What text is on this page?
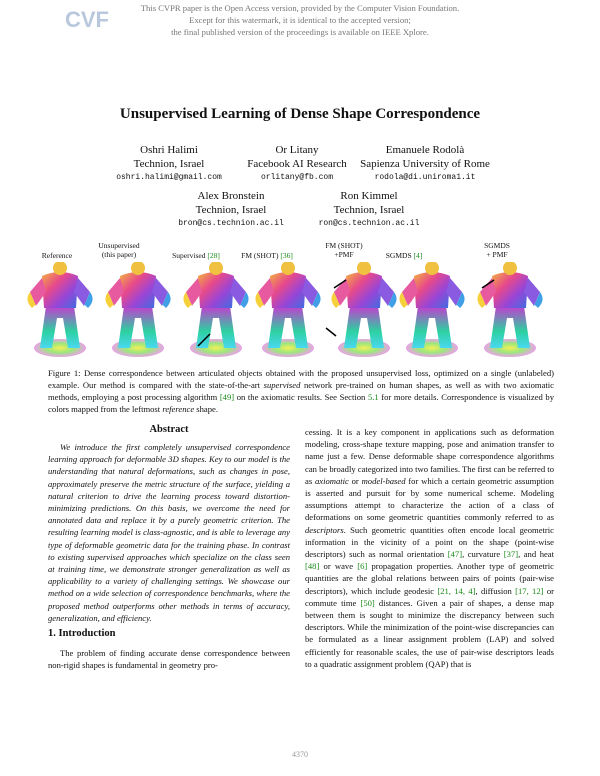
CVF	This CVPR paper is the Open Access version, provided by the Computer Vision Foundation.
Except for this watermark, it is identical to the accepted version;
the final published version of the proceedings is available on IEEE Xplore.
Unsupervised Learning of Dense Shape Correspondence
Oshri Halimi
Technion, Israel
oshri.halimi@gmail.com
Or Litany
Facebook AI Research
orlitany@fb.com
Emanuele Rodolà
Sapienza University of Rome
rodola@di.uniroma1.it
Alex Bronstein
Technion, Israel
bron@cs.technion.ac.il
Ron Kimmel
Technion, Israel
ron@cs.technion.ac.il
Reference
Unsupervised
(this paper)	Supervised [28]	FM (SHOT) [36]
FM (SHOT)
+PMF	SGMDS [4]
SGMDS
+ PMF
Figure 1: Dense correspondence between articulated objects obtained with the proposed unsupervised loss, optimized on a single (unlabeled) example. Our method is compared with the state-of-the-art supervised network pre-trained on human shapes, as well as with two axiomatic methods, employing a post processing algorithm [49] on the axiomatic results. See Section 5.1 for more details. Correspondence is visualized by colors mapped from the leftmost reference shape.
Abstract
We introduce the first completely unsupervised correspondence learning approach for deformable 3D shapes. Key to our model is the understanding that natural deformations, such as changes in pose, approximately preserve the metric structure of the surface, yielding a natural criterion to drive the learning process toward distortion-minimizing predictions. On this basis, we overcome the need for annotated data and replace it by a purely geometric criterion. The resulting learning model is class-agnostic, and is able to leverage any type of deformable geometric data for the training phase. In contrast to existing supervised approaches which specialize on the class seen at training time, we demonstrate stronger generalization as well as applicability to a variety of challenging settings. We showcase our method on a wide selection of correspondence benchmarks, where the proposed method outperforms other methods in terms of accuracy, generalization, and efficiency.
1. Introduction
The problem of finding accurate dense correspondence between non-rigid shapes is fundamental in geometry pro-
cessing. It is a key component in applications such as deformation modeling, cross-shape texture mapping, pose and animation transfer to name just a few. Dense deformable shape correspondence algorithms can be broadly categorized into two families. The first can be referred to as axiomatic or model-based for which a certain geometric assumption is asserted and pursuit for by some numerical scheme. Modeling assumptions attempt to characterize the action of a class of deformations on some geometric quantities commonly referred to as descriptors. Such geometric quantities often encode local geometric information in the vicinity of a point on the shape (point-wise descriptors) such as normal orientation [47], curvature [37], and heat [48] or wave [6] propagation properties. Another type of geometric quantities are the global relations between pairs of points (pair-wise descriptors), which include geodesic [21, 14, 4], diffusion [17, 12] or commute time [50] distances. Given a pair of shapes, a dense map between them is sought to minimize the discrepancy between such descriptors. While the minimization of the point-wise discrepancies can be formulated as a linear assignment problem (LAP) and solved efficiently for reasonable scales, the use of pair-wise descriptors leads to a quadratic assignment problem (QAP) that is
4370
